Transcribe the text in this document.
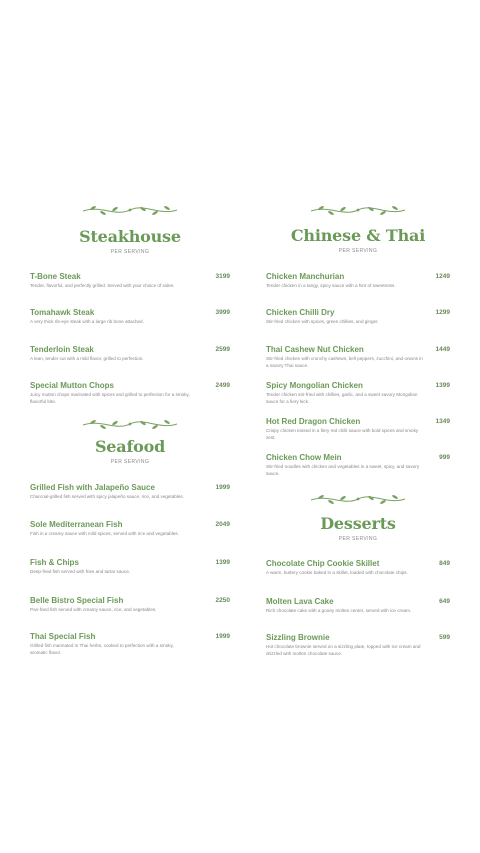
Steakhouse
PER SERVING
T-Bone Steak	3199
Tender, flavorful, and perfectly grilled. Served with your choice of sides.
Tomahawk Steak	3999
A very thick rib-eye steak with a large rib bone attached.
Tenderloin Steak	2599
A lean, tender cut with a mild flavor, grilled to perfection.
Special Mutton Chops	2499
Juicy mutton chops marinated with spices and grilled to perfection for a smoky, flavorful bite.
Seafood
PER SERVING
Grilled Fish with Jalapeño Sauce	1999
Charcoal-grilled fish served with spicy jalapeño sauce, rice, and vegetables.
Sole Mediterranean Fish	2049
Fish in a creamy sauce with mild spices, served with rice and vegetables.
Fish & Chips	1399
Deep-fried fish served with fries and tartar sauce.
Belle Bistro Special Fish	2250
Pan-fried fish served with creamy sauce, rice, and vegetables.
Thai Special Fish	1999
Grilled fish marinated in Thai herbs, cooked to perfection with a smoky, aromatic flavor.
Chinese & Thai
PER SERVING
Chicken Manchurian	1249
Tender chicken in a tangy, spicy sauce with a hint of sweetness.
Chicken Chilli Dry	1299
Stir-fried chicken with spices, green chillies, and ginger.
Thai Cashew Nut Chicken	1449
Stir-fried chicken with crunchy cashews, bell peppers, zucchini, and onions in a savory Thai sauce.
Spicy Mongolian Chicken	1399
Tender chicken stir-fried with chillies, garlic, and a sweet savory Mongolian sauce for a fiery kick.
Hot Red Dragon Chicken	1349
Crispy chicken tossed in a fiery red chilli sauce with bold spices and smoky zest.
Chicken Chow Mein	999
Stir-fried noodles with chicken and vegetables in a sweet, spicy, and savory sauce.
Desserts
PER SERVING
Chocolate Chip Cookie Skillet	849
A warm, buttery cookie baked in a skillet, loaded with chocolate chips.
Molten Lava Cake	649
Rich chocolate cake with a gooey molten center, served with ice cream.
Sizzling Brownie	599
Hot chocolate brownie served on a sizzling plate, topped with ice cream and drizzled with molten chocolate sauce.
